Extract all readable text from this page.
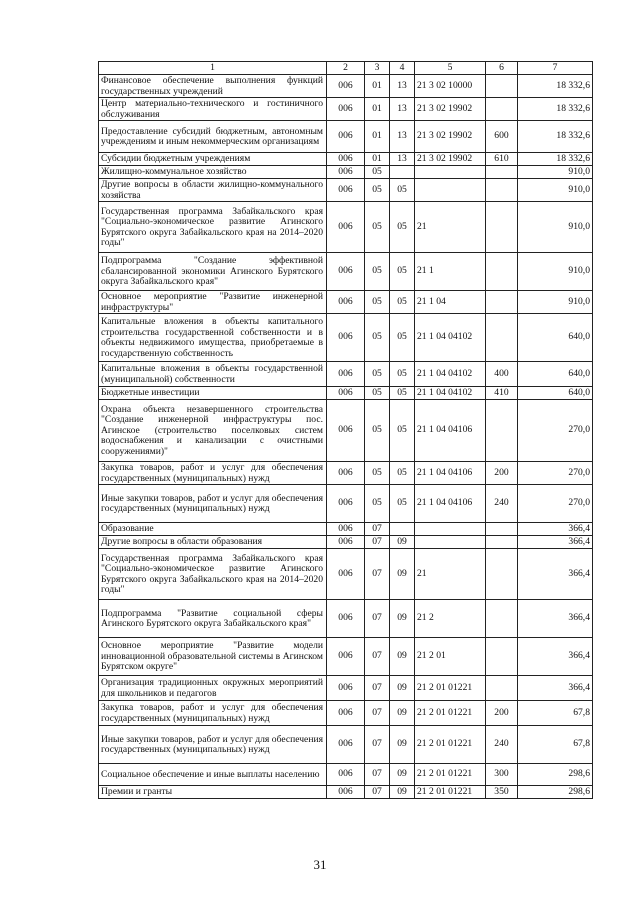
1	2	3	4	5	6	7
Финансовое обеспечение выполнения функций государственных учреждений	006	01	13	21 3 02 10000		18 332,6
Центр материально-технического и гостиничного обслуживания	006	01	13	21 3 02 19902		18 332,6
Предоставление субсидий бюджетным, автономным учреждениям и иным некоммерческим организациям	006	01	13	21 3 02 19902	600	18 332,6
Субсидии бюджетным учреждениям	006	01	13	21 3 02 19902	610	18 332,6
Жилищно-коммунальное хозяйство	006	05				910,0
Другие вопросы в области жилищно-коммунального хозяйства	006	05	05			910,0
Государственная программа Забайкальского края "Социально-экономическое развитие Агинского Бурятского округа Забайкальского края на 2014–2020 годы"	006	05	05	21		910,0
Подпрограмма "Создание эффективной сбалансированной экономики Агинского Бурятского округа Забайкальского края"	006	05	05	21 1		910,0
Основное мероприятие "Развитие инженерной инфраструктуры"	006	05	05	21 1 04		910,0
Капитальные вложения в объекты капитального строительства государственной собственности и в объекты недвижимого имущества, приобретаемые в государственную собственность	006	05	05	21 1 04 04102		640,0
Капитальные вложения в объекты государственной (муниципальной) собственности	006	05	05	21 1 04 04102	400	640,0
Бюджетные инвестиции	006	05	05	21 1 04 04102	410	640,0
Охрана объекта незавершенного строительства "Создание инженерной инфраструктуры пос. Агинское (строительство поселковых систем водоснабжения и канализации с очистными сооружениями)"	006	05	05	21 1 04 04106		270,0
Закупка товаров, работ и услуг для обеспечения государственных (муниципальных) нужд	006	05	05	21 1 04 04106	200	270,0
Иные закупки товаров, работ и услуг для обеспечения государственных (муниципальных) нужд	006	05	05	21 1 04 04106	240	270,0
Образование	006	07				366,4
Другие вопросы в области образования	006	07	09			366,4
Государственная программа Забайкальского края "Социально-экономическое развитие Агинского Бурятского округа Забайкальского края на 2014–2020 годы"	006	07	09	21		366,4
Подпрограмма "Развитие социальной сферы Агинского Бурятского округа Забайкальского края"	006	07	09	21 2		366,4
Основное мероприятие "Развитие модели инновационной образовательной системы в Агинском Бурятском округе"	006	07	09	21 2 01		366,4
Организация традиционных окружных мероприятий для школьников и педагогов	006	07	09	21 2 01 01221		366,4
Закупка товаров, работ и услуг для обеспечения государственных (муниципальных) нужд	006	07	09	21 2 01 01221	200	67,8
Иные закупки товаров, работ и услуг для обеспечения государственных (муниципальных) нужд	006	07	09	21 2 01 01221	240	67,8
Социальное обеспечение и иные выплаты населению	006	07	09	21 2 01 01221	300	298,6
Премии и гранты	006	07	09	21 2 01 01221	350	298,6
31
